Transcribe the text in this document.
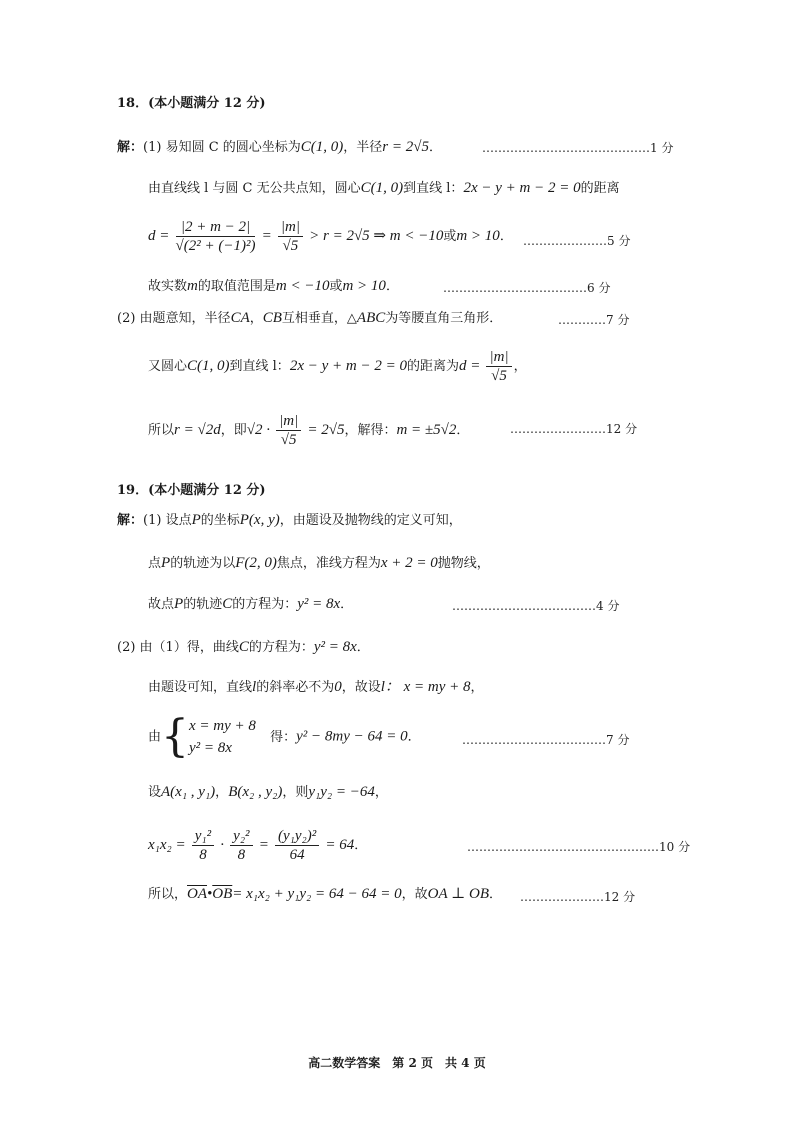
18．(本小题满分 12 分)
解：(1) 易知圆 C 的圆心坐标为C(1, 0)，半径r = 2√5．	……………………………………1 分
由直线线 l 与圆 C 无公共点知，圆心C(1, 0)到直线 l：2x − y + m − 2 = 0的距离
$d = \frac{|2 + m - 2|}{\text{√(2² + (−1)²)}} = \frac{|m|}{√5} > r = 2√5$ ⇒ m < −10或m > 10． …………………5 分
故实数m的取值范围是m < −10或m > 10．	………………………………6 分
(2) 由题意知，半径CA，CB互相垂直，△ABC为等腰直角三角形．	…………7 分
又圆心C(1, 0)到直线 l：2x − y + m − 2 = 0的距离为$d = \frac{|m|}{√5}$ ，
所以r = √2d，即$√2 \cdot \frac{|m|}{√5} = 2√5$，解得：m = ±5√2．	……………………12 分
19．(本小题满分 12 分)
解：(1) 设点P的坐标P(x, y)，由题设及抛物线的定义可知，
点P的轨迹为以F(2, 0)焦点，准线方程为x + 2 = 0抛物线，
故点P的轨迹C的方程为：y² = 8x．	………………………………4 分
(2) 由（1）得，曲线C的方程为：y² = 8x．
由题设可知，直线l的斜率必不为0，故设l： x = my + 8，
由{ x = my + 8
y² = 8x
得：y² − 8my − 64 = 0．	………………………………7 分
设A(x₁ , y₁)，B(x₂ , y₂)，则y₁y₂ = −64，
$x_1x_2 = \frac{\text{y₁²}}{8} \cdot \frac{\text{y₂²}}{8} = \frac{\text{(y₁y₂)²}}{64} = 64$．	…………………………………………10 分
所以，$\overline{OA}•\overline{OB}= x_1x_2 + y_1y_2 = 64 - 64 = 0$，故OA ⊥ OB． …………………12 分
高二数学答案　第 2 页　共 4 页
